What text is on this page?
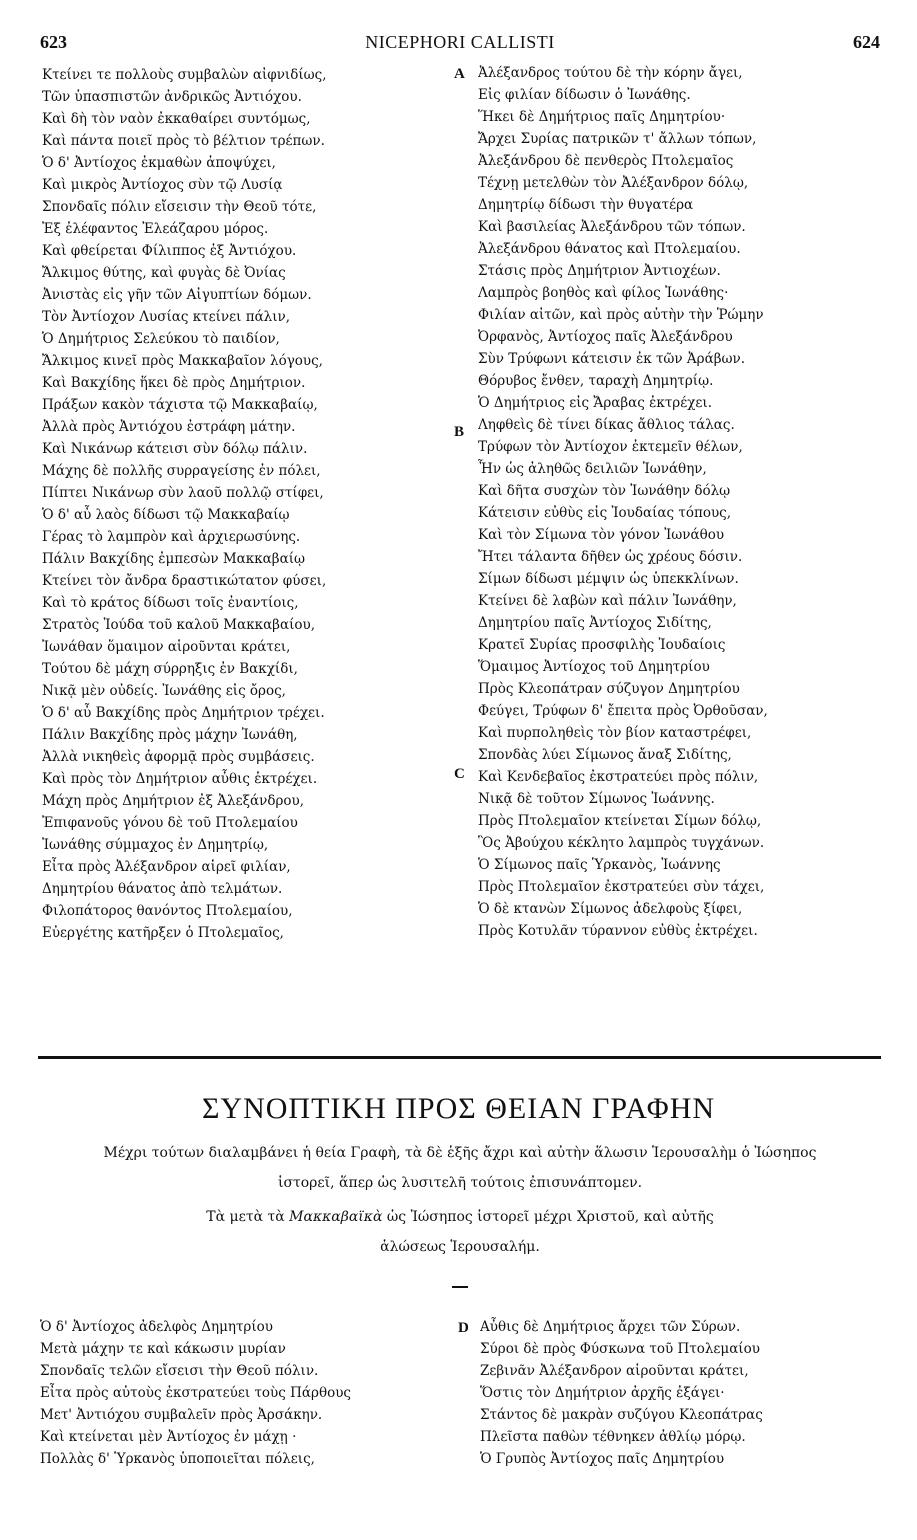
623	NICEPHORI CALLISTI	624
Κτείνει τε πολλοὺς συμβαλὼν αἰφνιδίως,
Τῶν ὑπασπιστῶν ἀνδρικῶς Ἀντιόχου.
Καὶ δὴ τὸν ναὸν ἐκκαθαίρει συντόμως,
Καὶ πάντα ποιεῖ πρὸς τὸ βέλτιον τρέπων.
Ὁ δ' Ἀντίοχος ἐκμαθὼν ἀποψύχει,
Καὶ μικρὸς Ἀντίοχος σὺν τῷ Λυσίᾳ
Σπονδαῖς πόλιν εἴσεισιν τὴν Θεοῦ τότε,
Ἐξ ἐλέφαντος Ἐλεάζαρου μόρος.
Καὶ φθείρεται Φίλιππος ἐξ Ἀντιόχου.
Ἄλκιμος θύτης, καὶ φυγὰς δὲ Ὀνίας
Ἀνιστὰς εἰς γῆν τῶν Αἰγυπτίων δόμων.
Τὸν Ἀντίοχον Λυσίας κτείνει πάλιν,
Ὁ Δημήτριος Σελεύκου τὸ παιδίον,
Ἄλκιμος κινεῖ πρὸς Μακκαβαῖον λόγους,
Καὶ Βακχίδης ἥκει δὲ πρὸς Δημήτριον.
Πράξων κακὸν τάχιστα τῷ Μακκαβαίῳ,
Ἀλλὰ πρὸς Ἀντιόχου ἐστράφη μάτην.
Καὶ Νικάνωρ κάτεισι σὺν δόλῳ πάλιν.
Μάχης δὲ πολλῆς συρραγείσης ἐν πόλει,
Πίπτει Νικάνωρ σὺν λαοῦ πολλῷ στίφει,
Ὁ δ' αὖ λαὸς δίδωσι τῷ Μακκαβαίῳ
Γέρας τὸ λαμπρὸν καὶ ἀρχιερωσύνης.
Πάλιν Βακχίδης ἐμπεσὼν Μακκαβαίῳ
Κτείνει τὸν ἄνδρα δραστικώτατον φύσει,
Καὶ τὸ κράτος δίδωσι τοῖς ἐναντίοις,
Στρατὸς Ἰούδα τοῦ καλοῦ Μακκαβαίου,
Ἰωνάθαν ὅμαιμον αἱροῦνται κράτει,
Τούτου δὲ μάχη σύρρηξις ἐν Βακχίδι,
Νικᾷ μὲν οὐδείς. Ἰωνάθης εἰς ὄρος,
Ὁ δ' αὖ Βακχίδης πρὸς Δημήτριον τρέχει.
Πάλιν Βακχίδης πρὸς μάχην Ἰωνάθη,
Ἀλλὰ νικηθεὶς ἀφορμᾷ πρὸς συμβάσεις.
Καὶ πρὸς τὸν Δημήτριον αὖθις ἐκτρέχει.
Μάχη πρὸς Δημήτριον ἐξ Ἀλεξάνδρου,
Ἐπιφανοῦς γόνου δὲ τοῦ Πτολεμαίου
Ἰωνάθης σύμμαχος ἐν Δημητρίῳ,
Εἶτα πρὸς Ἀλέξανδρον αἱρεῖ φιλίαν,
Δημητρίου θάνατος ἀπὸ τελμάτων.
Φιλοπάτορος θανόντος Πτολεμαίου,
Εὐεργέτης κατῆρξεν ὁ Πτολεμαῖος,
Ἀλέξανδρος τούτου δὲ τὴν κόρην ἄγει,
Εἰς φιλίαν δίδωσιν ὁ Ἰωνάθης.
Ἥκει δὲ Δημήτριος παῖς Δημητρίου·
Ἄρχει Συρίας πατρικῶν τ' ἄλλων τόπων,
Ἀλεξάνδρου δὲ πενθερὸς Πτολεμαῖος
Τέχνῃ μετελθὼν τὸν Ἀλέξανδρον δόλῳ,
Δημητρίῳ δίδωσι τὴν θυγατέρα
Καὶ βασιλείας Ἀλεξάνδρου τῶν τόπων.
Ἀλεξάνδρου θάνατος καὶ Πτολεμαίου.
Στάσις πρὸς Δημήτριον Ἀντιοχέων.
Λαμπρὸς βοηθὸς καὶ φίλος Ἰωνάθης·
Φιλίαν αἰτῶν, καὶ πρὸς αὐτὴν τὴν Ῥώμην
Ὀρφανὸς, Ἀντίοχος παῖς Ἀλεξάνδρου
Σὺν Τρύφωνι κάτεισιν ἐκ τῶν Ἀράβων.
Θόρυβος ἔνθεν, ταραχὴ Δημητρίῳ.
Ὁ Δημήτριος εἰς Ἄραβας ἐκτρέχει.
Ληφθεὶς δὲ τίνει δίκας ἄθλιος τάλας.
Τρύφων τὸν Ἀντίοχον ἐκτεμεῖν θέλων,
Ἦν ὡς ἀληθῶς δειλιῶν Ἰωνάθην,
Καὶ δῆτα συσχὼν τὸν Ἰωνάθην δόλῳ
Κάτεισιν εὐθὺς εἰς Ἰουδαίας τόπους,
Καὶ τὸν Σίμωνα τὸν γόνον Ἰωνάθου
Ἤτει τάλαντα δῆθεν ὡς χρέους δόσιν.
Σίμων δίδωσι μέμψιν ὡς ὑπεκκλίνων.
Κτείνει δὲ λαβὼν καὶ πάλιν Ἰωνάθην,
Δημητρίου παῖς Ἀντίοχος Σιδίτης,
Κρατεῖ Συρίας προσφιλὴς Ἰουδαίοις
Ὅμαιμος Ἀντίοχος τοῦ Δημητρίου
Πρὸς Κλεοπάτραν σύζυγον Δημητρίου
Φεύγει, Τρύφων δ' ἔπειτα πρὸς Ὀρθοῦσαν,
Καὶ πυρποληθεὶς τὸν βίον καταστρέφει,
Σπονδὰς λύει Σίμωνος ἄναξ Σιδίτης,
Καὶ Κενδεβαῖος ἐκστρατεύει πρὸς πόλιν,
Νικᾷ δὲ τοῦτον Σίμωνος Ἰωάννης.
Πρὸς Πτολεμαῖον κτείνεται Σίμων δόλῳ,
Ὃς Ἀβούχου κέκλητο λαμπρὸς τυγχάνων.
Ὁ Σίμωνος παῖς Ὑρκανὸς, Ἰωάννης
Πρὸς Πτολεμαῖον ἐκστρατεύει σὺν τάχει,
Ὁ δὲ κτανὼν Σίμωνος ἀδελφοὺς ξίφει,
Πρὸς Κοτυλᾶν τύραννον εὐθὺς ἐκτρέχει.
A
B
C
ΣΥΝΟΠΤΙΚΗ ΠΡΟΣ ΘΕΙΑΝ ΓΡΑΦΗΝ
Μέχρι τούτων διαλαμβάνει ἡ θεία Γραφὴ, τὰ δὲ ἑξῆς ἄχρι καὶ αὐτὴν ἅλωσιν Ἱερουσαλὴμ ὁ Ἰώσηπος
ἱστορεῖ, ἅπερ ὡς λυσιτελῆ τούτοις ἐπισυνάπτομεν.
Τὰ μετὰ τὰ Μακκαβαϊκὰ ὡς Ἰώσηπος ἱστορεῖ μέχρι Χριστοῦ, καὶ αὐτῆς
ἁλώσεως Ἱερουσαλήμ.
Ὁ δ' Ἀντίοχος ἀδελφὸς Δημητρίου
Μετὰ μάχην τε καὶ κάκωσιν μυρίαν
Σπονδαῖς τελῶν εἴσεισι τὴν Θεοῦ πόλιν.
Εἶτα πρὸς αὐτοὺς ἐκστρατεύει τοὺς Πάρθους
Μετ' Ἀντιόχου συμβαλεῖν πρὸς Ἀρσάκην.
Καὶ κτείνεται μὲν Ἀντίοχος ἐν μάχῃ ·
Πολλὰς δ' Ὑρκανὸς ὑποποιεῖται πόλεις,
Αὖθις δὲ Δημήτριος ἄρχει τῶν Σύρων.
Σύροι δὲ πρὸς Φύσκωνα τοῦ Πτολεμαίου
Ζεβινᾶν Ἀλέξανδρον αἱροῦνται κράτει,
Ὅστις τὸν Δημήτριον ἀρχῆς ἐξάγει·
Στάντος δὲ μακρὰν συζύγου Κλεοπάτρας
Πλεῖστα παθὼν τέθνηκεν ἀθλίῳ μόρῳ.
Ὁ Γρυπὸς Ἀντίοχος παῖς Δημητρίου
D
